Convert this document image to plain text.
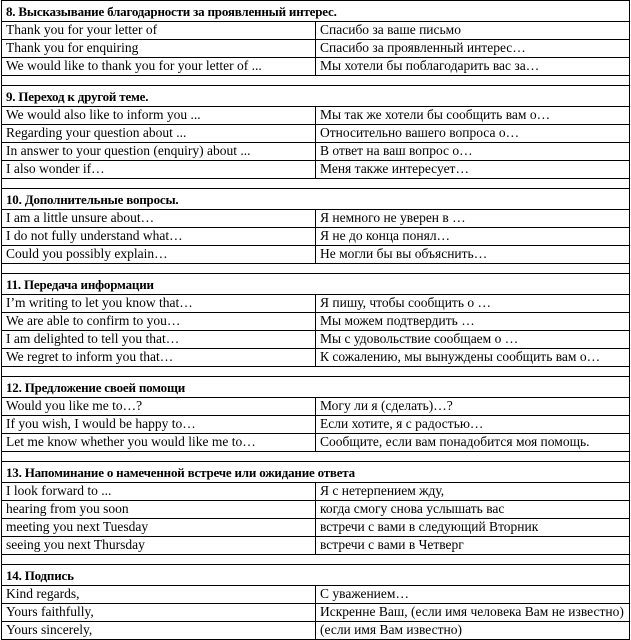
8. Высказывание благодарности за проявленный интерес.	
Thank you for your letter of	Спасибо за ваше письмо
Thank you for enquiring	Спасибо за проявленный интерес…
We would like to thank you for your letter of ...	Мы хотели бы поблагодарить вас за…

9. Переход к другой теме.	
We would also like to inform you ...	Мы так же хотели бы сообщить вам о…
Regarding your question about ...	Относительно вашего вопроса о…
In answer to your question (enquiry) about ...	В ответ на ваш вопрос о…
I also wonder if…	Меня также интересует…

10. Дополнительные вопросы.	
I am a little unsure about…	Я немного не уверен в …
I do not fully understand what…	Я не до конца понял…
Could you possibly explain…	Не могли бы вы объяснить…

11. Передача информации	
I’m writing to let you know that…	Я пишу, чтобы сообщить о …
We are able to confirm to you…	Мы можем подтвердить …
I am delighted to tell you that…	Мы с удовольствие сообщаем о …
We regret to inform you that…	К сожалению, мы вынуждены сообщить вам о…

12. Предложение своей помощи	
Would you like me to…?	Могу ли я (сделать)…?
If you wish, I would be happy to…	Если хотите, я с радостью…
Let me know whether you would like me to…	Сообщите, если вам понадобится моя помощь.

13. Напоминание о намеченной встрече или ожидание ответа	
I look forward to ...	Я с нетерпением жду,
hearing from you soon	когда смогу снова услышать вас
meeting you next Tuesday	встречи с вами в следующий Вторник
seeing you next Thursday	встречи с вами в Четверг

14. Подпись	
Kind regards,	С уважением…
Yours faithfully,	Искренне Ваш, (если имя человека Вам не известно)
Yours sincerely,	(если имя Вам известно)
